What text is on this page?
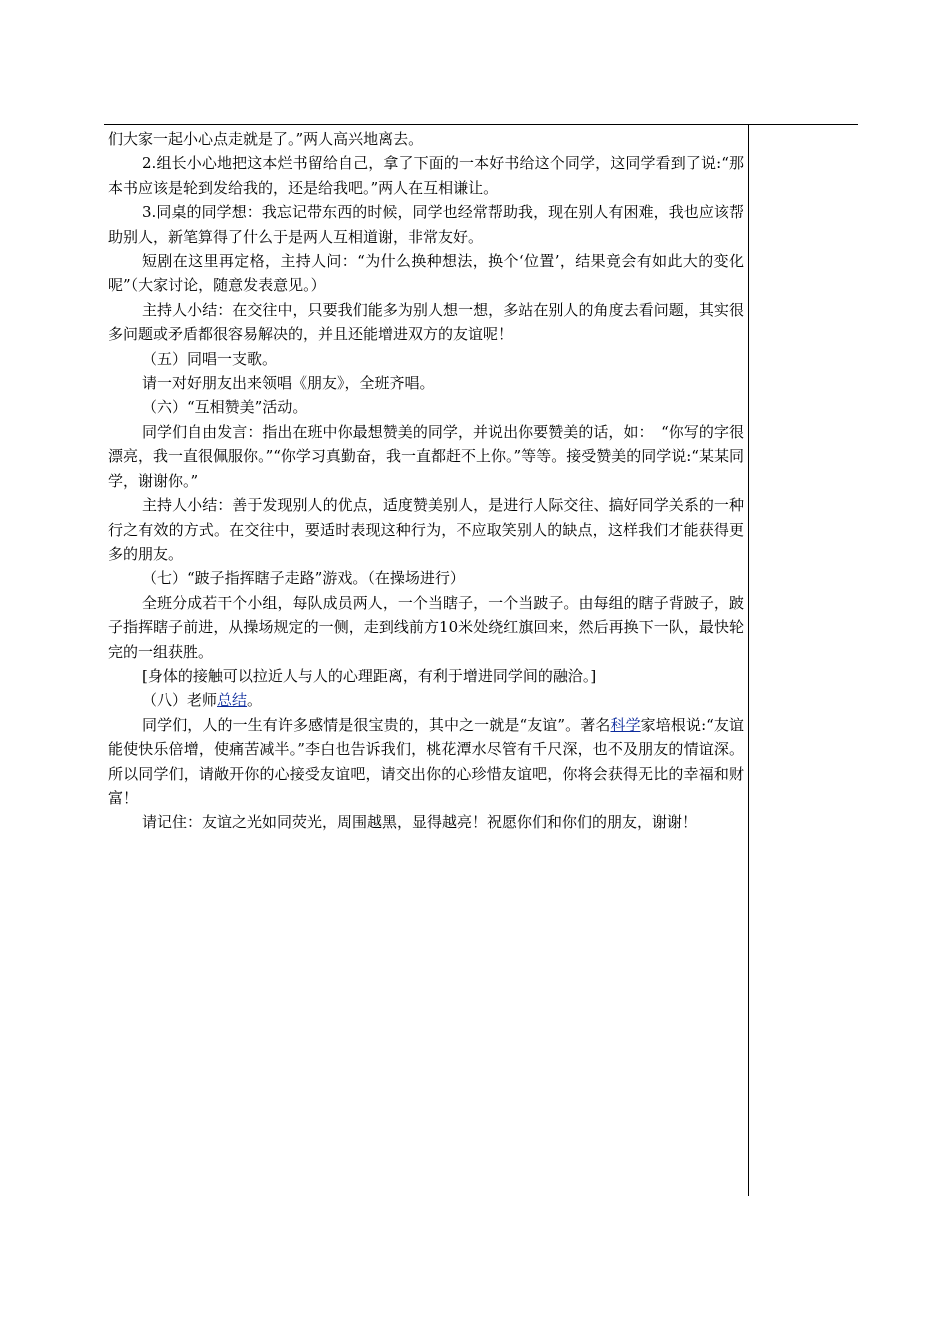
们大家一起小心点走就是了。”两人高兴地离去。

2.组长小心地把这本烂书留给自己，拿了下面的一本好书给这个同学，这同学看到了说:“那本书应该是轮到发给我的，还是给我吧。”两人在互相谦让。

3.同桌的同学想：我忘记带东西的时候，同学也经常帮助我，现在别人有困难，我也应该帮助别人，新笔算得了什么于是两人互相道谢，非常友好。

短剧在这里再定格，主持人问：“为什么换种想法，换个‘位置’，结果竟会有如此大的变化呢”（大家讨论，随意发表意见。）

主持人小结：在交往中，只要我们能多为别人想一想，多站在别人的角度去看问题，其实很多问题或矛盾都很容易解决的，并且还能增进双方的友谊呢！

（五）同唱一支歌。

请一对好朋友出来领唱《朋友》，全班齐唱。

（六）“互相赞美”活动。

同学们自由发言：指出在班中你最想赞美的同学，并说出你要赞美的话，如：　“你写的字很漂亮，我一直很佩服你。”“你学习真勤奋，我一直都赶不上你。”等等。接受赞美的同学说:“某某同学，谢谢你。”

主持人小结：善于发现别人的优点，适度赞美别人，是进行人际交往、搞好同学关系的一种行之有效的方式。在交往中，要适时表现这种行为，不应取笑别人的缺点，这样我们才能获得更多的朋友。

（七）“跛子指挥瞎子走路”游戏。（在操场进行）

全班分成若干个小组，每队成员两人，一个当瞎子，一个当跛子。由每组的瞎子背跛子，跛子指挥瞎子前进，从操场规定的一侧，走到线前方10米处绕红旗回来，然后再换下一队，最快轮完的一组获胜。

[身体的接触可以拉近人与人的心理距离，有利于增进同学间的融洽。]

（八）老师总结。

同学们，人的一生有许多感情是很宝贵的，其中之一就是“友谊”。著名科学家培根说:“友谊能使快乐倍增，使痛苦减半。”李白也告诉我们，桃花潭水尽管有千尺深，也不及朋友的情谊深。所以同学们，请敞开你的心接受友谊吧，请交出你的心珍惜友谊吧，你将会获得无比的幸福和财富！

请记住：友谊之光如同荧光，周围越黑，显得越亮！祝愿你们和你们的朋友，谢谢！
